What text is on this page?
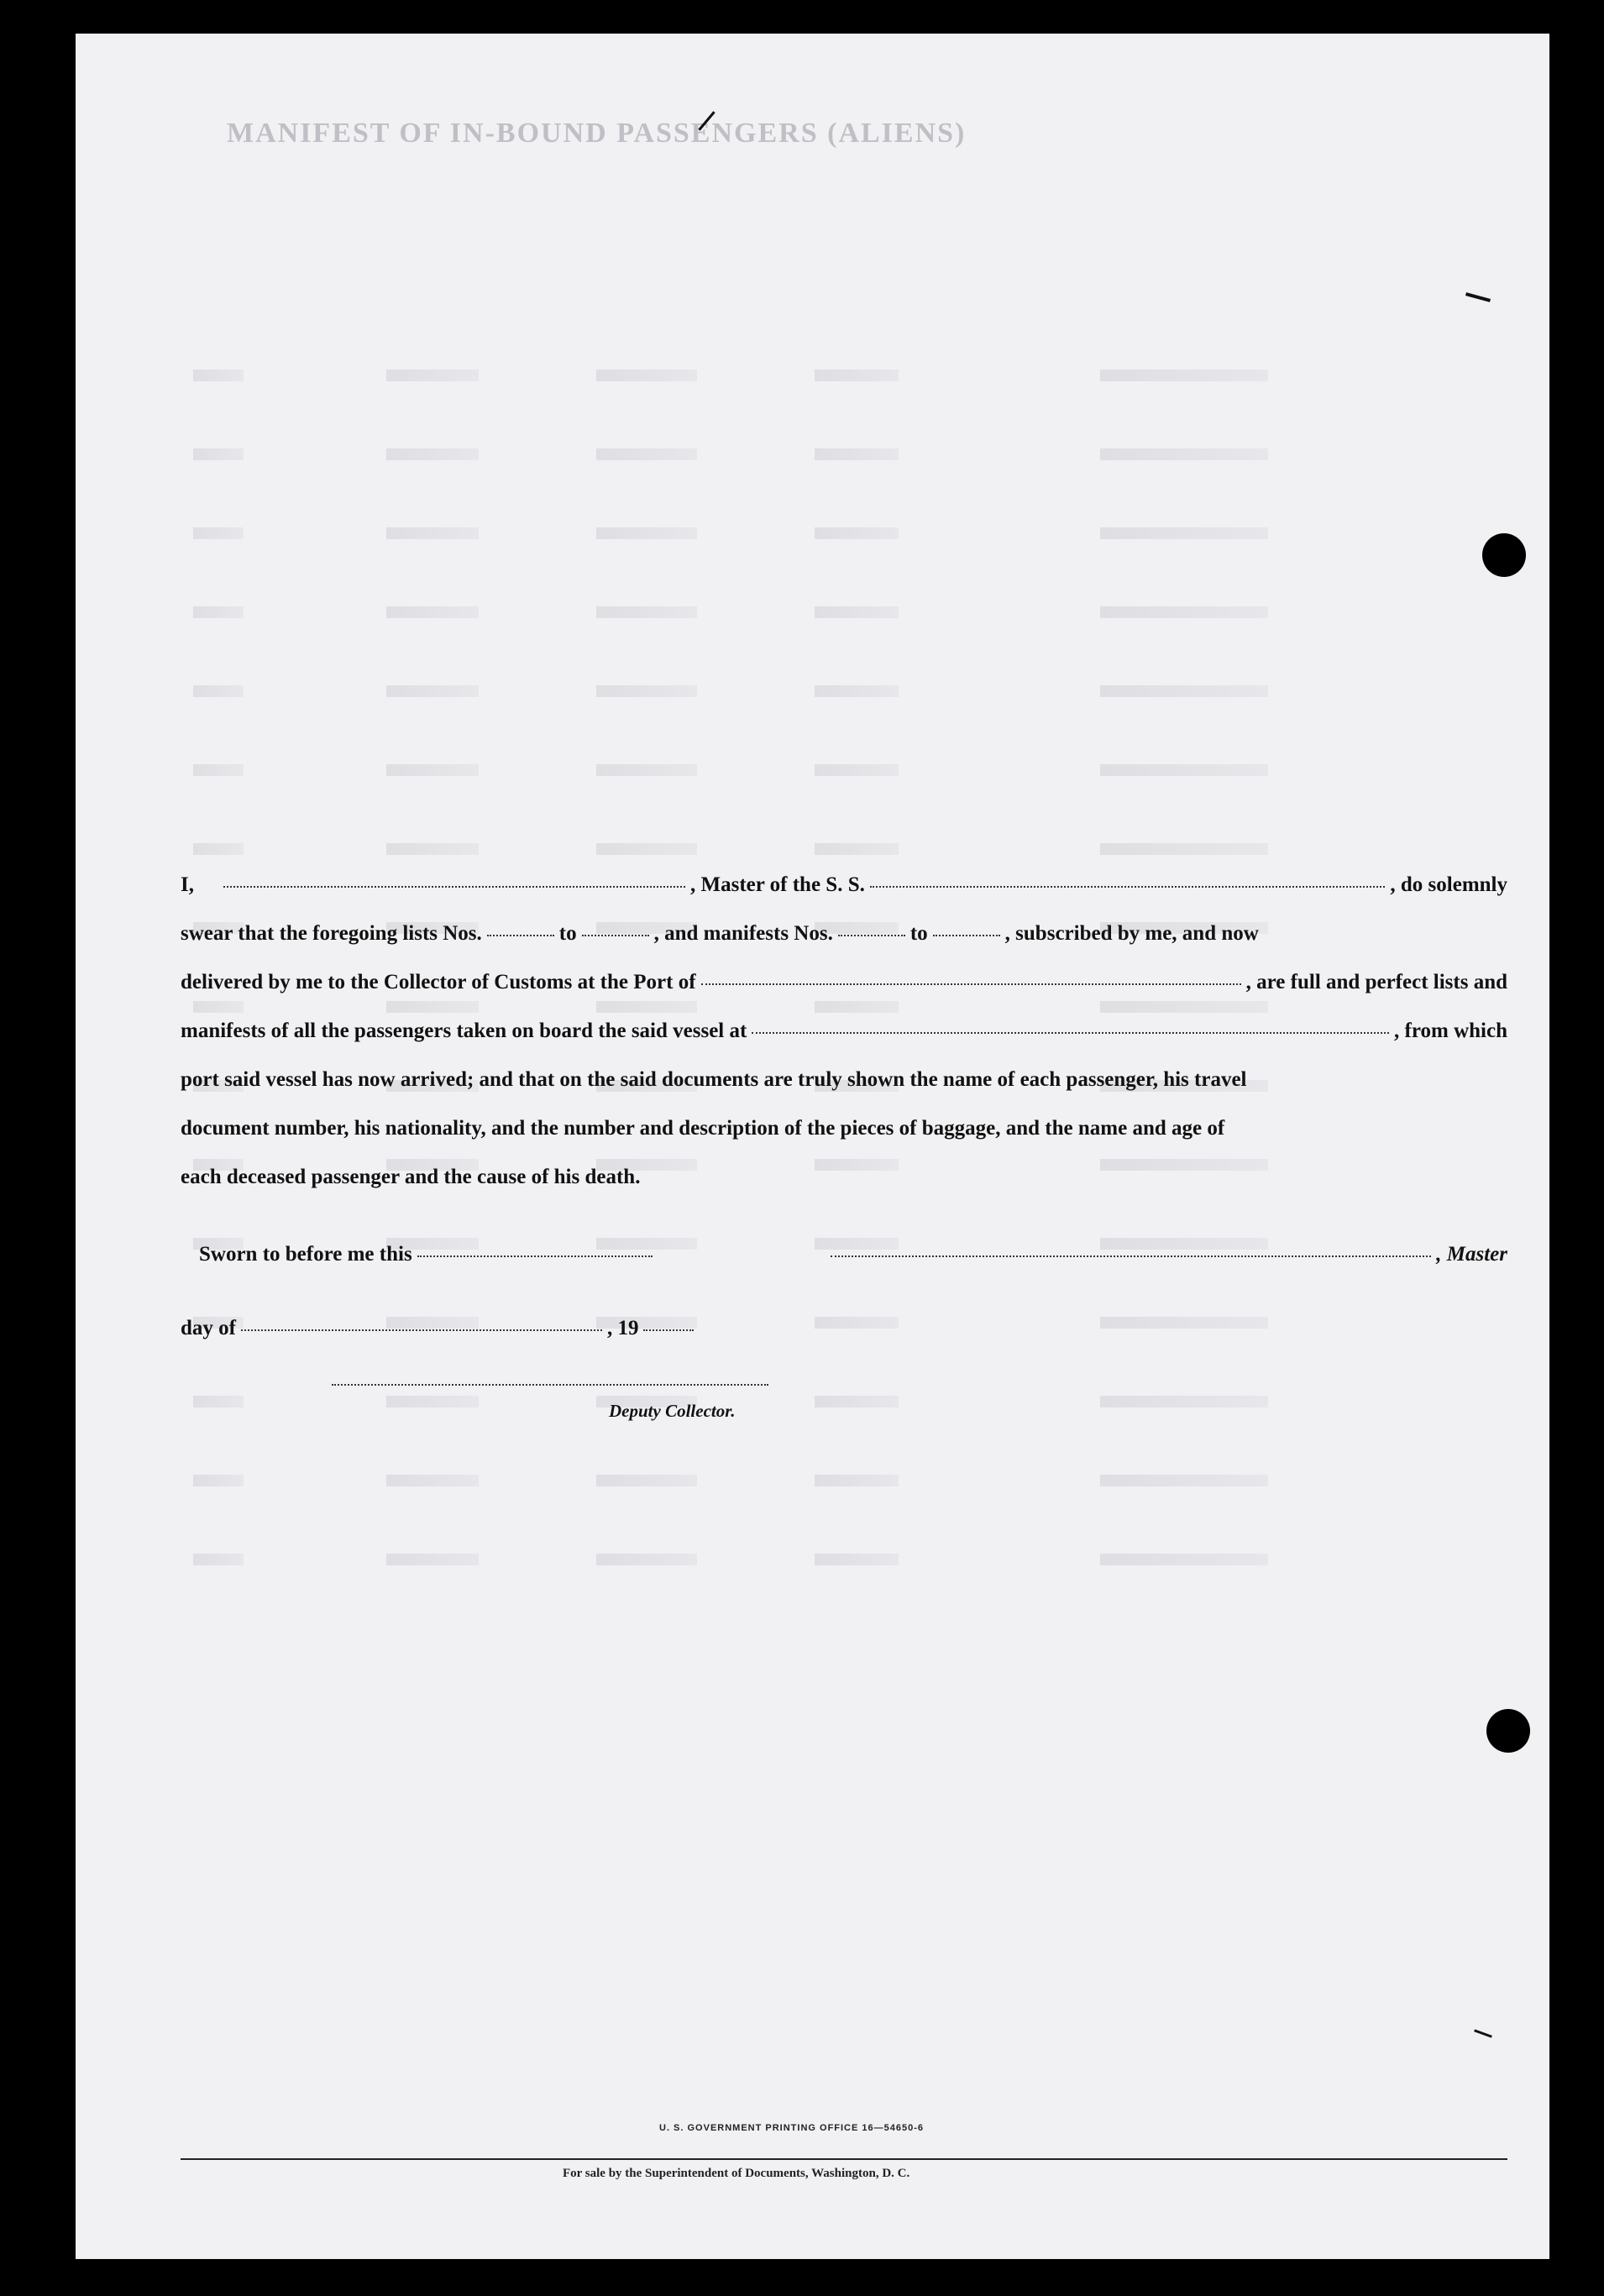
MANIFEST OF IN-BOUND PASSENGERS (ALIENS)

I,	, Master of the S. S.	, do solemnly
swear that the foregoing lists Nos.	to	, and manifests Nos.	to	, subscribed by me, and now
delivered by me to the Collector of Customs at the Port of	, are full and perfect lists and
manifests of all the passengers taken on board the said vessel at	, from which
port said vessel has now arrived; and that on the said documents are truly shown the name of each passenger, his travel
document number, his nationality, and the number and description of the pieces of baggage, and the name and age of
each deceased passenger and the cause of his death.
Sworn to before me this	, Master
day of	, 19
Deputy Collector.
U. S. GOVERNMENT PRINTING OFFICE 16—54650-6
For sale by the Superintendent of Documents, Washington, D. C.
